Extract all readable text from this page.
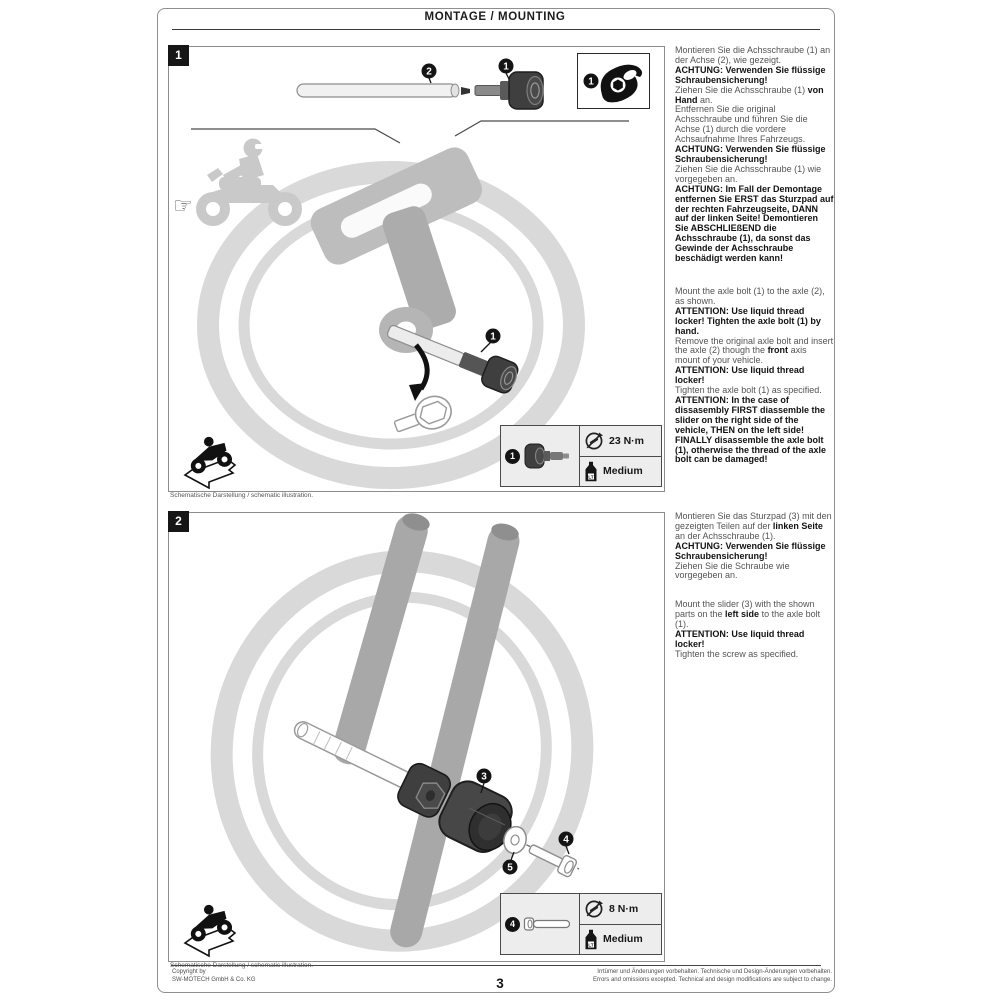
MONTAGE / MOUNTING
1
2	1
☞
1
1
1
23 N·m
LT
Medium
Schematische Darstellung / schematic illustration.

Montieren Sie die Achsschraube (1) an der Achse (2), wie gezeigt.

ACHTUNG: Verwenden Sie flüssige Schraubensicherung!

Ziehen Sie die Achsschraube (1) von Hand an.

Entfernen Sie die original Achsschraube und führen Sie die Achse (1) durch die vordere Achsaufnahme Ihres Fahrzeugs.

ACHTUNG: Verwenden Sie flüssige Schraubensicherung!

Ziehen Sie die Achsschraube (1) wie vorgegeben an.

ACHTUNG: Im Fall der Demontage entfernen Sie ERST das Sturzpad auf der rechten Fahrzeugseite, DANN auf der linken Seite! Demontieren Sie ABSCHLIEßEND die Achsschraube (1), da sonst das Gewinde der Achsschraube beschädigt werden kann!

Mount the axle bolt (1) to the axle (2), as shown.

ATTENTION: Use liquid thread locker! Tighten the axle bolt (1) by hand.

Remove the original axle bolt and insert the axle (2) though the front axis mount of your vehicle.

ATTENTION: Use liquid thread locker!

Tighten the axle bolt (1) as specified.

ATTENTION: In the case of dissasembly FIRST diassemble the slider on the right side of the vehicle, THEN on the left side! FINALLY disassemble the axle bolt (1), otherwise the thread of the axle bolt can be damaged!

2
3
5
4
4
8 N·m
LT
Medium
Schematische Darstellung / schematic illustration.

Montieren Sie das Sturzpad (3) mit den gezeigten Teilen auf der linken Seite an der Achsschraube (1).

ACHTUNG: Verwenden Sie flüssige Schraubensicherung!

Ziehen Sie die Schraube wie vorgegeben an.

Mount the slider (3) with the shown parts on the left side to the axle bolt (1).

ATTENTION: Use liquid thread locker!

Tighten the screw as specified.

Copyright by
SW-MOTECH GmbH & Co. KG
Irrtümer und Änderungen vorbehalten. Technische und Design-Änderungen vorbehalten.
Errors and omissions excepted. Technical and design modifications are subject to change.
3
